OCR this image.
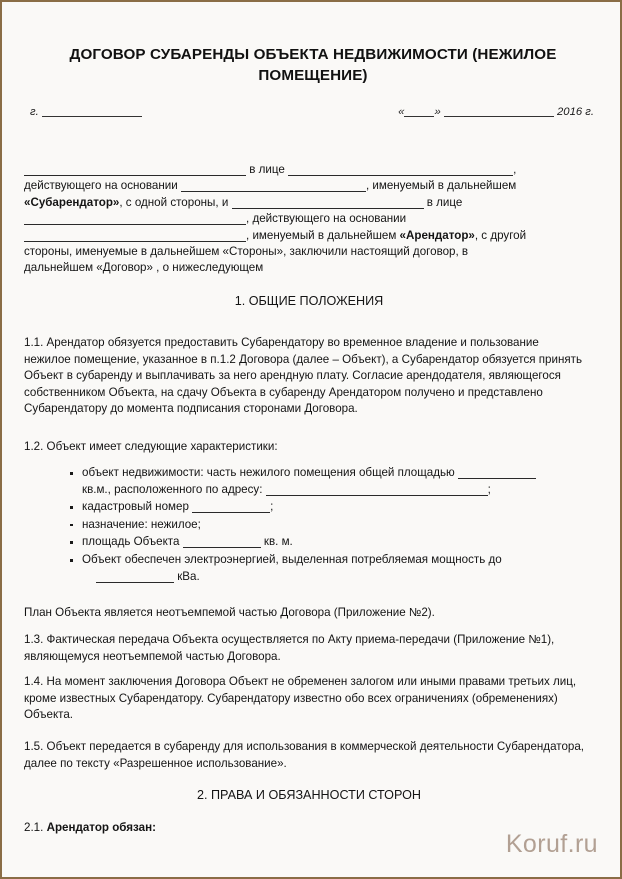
ДОГОВОР СУБАРЕНДЫ ОБЪЕКТА НЕДВИЖИМОСТИ (НЕЖИЛОЕ ПОМЕЩЕНИЕ)
г.	«	»	2016 г.
в лице	,
действующего на основании	, именуемый в дальнейшем
«Субарендатор», с одной стороны, и	в лице
, действующего на основании
, именуемый в дальнейшем «Арендатор», с другой
стороны, именуемые в дальнейшем «Стороны», заключили настоящий договор, в
дальнейшем «Договор» , о нижеследующем
1. ОБЩИЕ ПОЛОЖЕНИЯ
1.1. Арендатор обязуется предоставить Субарендатору во временное владение и пользование нежилое помещение, указанное в п.1.2 Договора (далее – Объект), а Субарендатор обязуется принять Объект в субаренду и выплачивать за него арендную плату. Согласие арендодателя, являющегося собственником Объекта, на сдачу Объекта в субаренду Арендатором получено и представлено Субарендатору до момента подписания сторонами Договора.
1.2. Объект имеет следующие характеристики:
объект недвижимости: часть нежилого помещения общей площадью
кв.м., расположенного по адресу:	;
кадастровый номер	;
назначение: нежилое;
площадь Объекта	кв. м.
Объект обеспечен электроэнергией, выделенная потребляемая мощность до
кВа.
План Объекта является неотъемпемой частью Договора (Приложение №2).
1.3. Фактическая передача Объекта осуществляется по Акту приема-передачи (Приложение №1), являющемуся неотъемпемой частью Договора.
1.4. На момент заключения Договора Объект не обременен залогом или иными правами третьих лиц, кроме известных Субарендатору. Субарендатору известно обо всех ограничениях (обременениях) Объекта.
1.5. Объект передается в субаренду для использования в коммерческой деятельности Субарендатора, далее по тексту «Разрешенное использование».
2. ПРАВА И ОБЯЗАННОСТИ СТОРОН
2.1. Арендатор обязан:
Koruf.ru
